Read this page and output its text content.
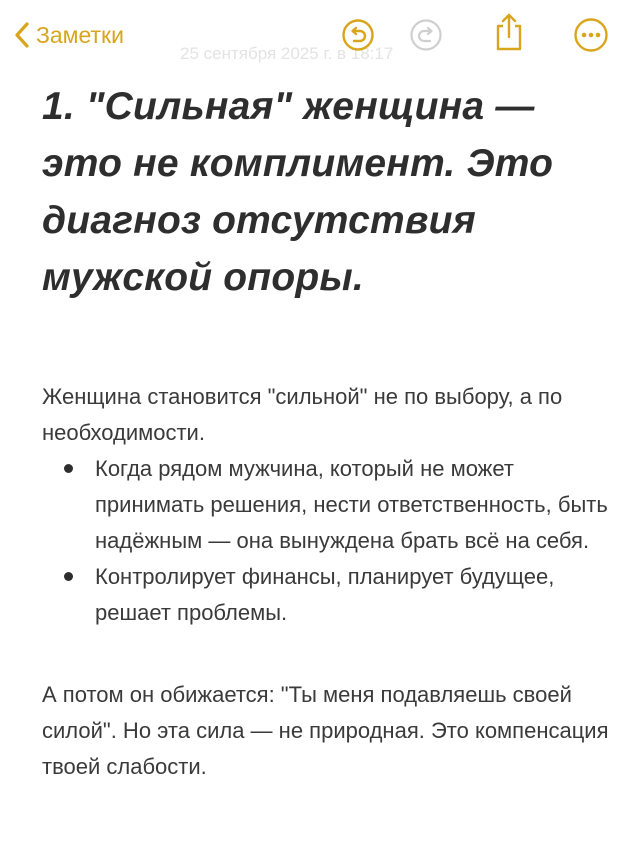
Заметки
25 сентября 2025 г. в 18:17
1. "Сильная" женщина — это не комплимент. Это диагноз отсутствия мужской опоры.

Женщина становится "сильной" не по выбору, а по необходимости.

Когда рядом мужчина, который не может принимать решения, нести ответственность, быть надёжным — она вынуждена брать всё на себя.
Контролирует финансы, планирует будущее, решает проблемы.

А потом он обижается: "Ты меня подавляешь своей силой". Но эта сила — не природная. Это компенсация твоей слабости.
